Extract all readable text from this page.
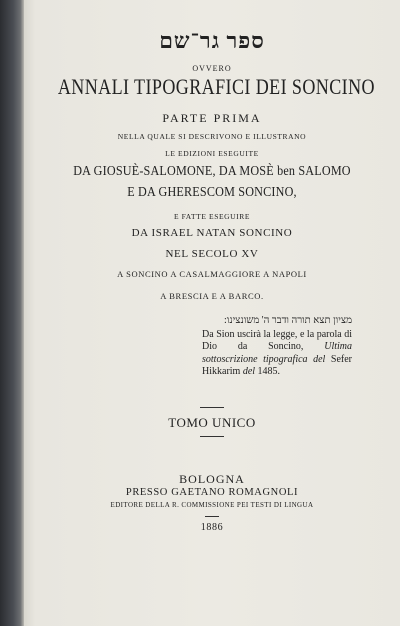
ספר גר־שם
OVVERO
ANNALI TIPOGRAFICI DEI SONCINO
PARTE PRIMA
NELLA QUALE SI DESCRIVONO E ILLUSTRANO
LE EDIZIONI ESEGUITE
DA GIOSUÈ-SALOMONE, DA MOSÈ ben SALOMO
E DA GHERESCOM SONCINO,
E FATTE ESEGUIRE
DA ISRAEL NATAN SONCINO
NEL SECOLO XV
A SONCINO A CASALMAGGIORE A NAPOLI
A BRESCIA E A BARCO.
מציון תצא תורה ודבר ה' משונצינו:
Da Sion uscirà la legge, e la parola di Dio da Soncino, Ultima sottoscrizione tipografica del Sefer Hikkarim del 1485.
TOMO UNICO
BOLOGNA
PRESSO GAETANO ROMAGNOLI
EDITORE DELLA R. COMMISSIONE PEI TESTI DI LINGUA
1886
